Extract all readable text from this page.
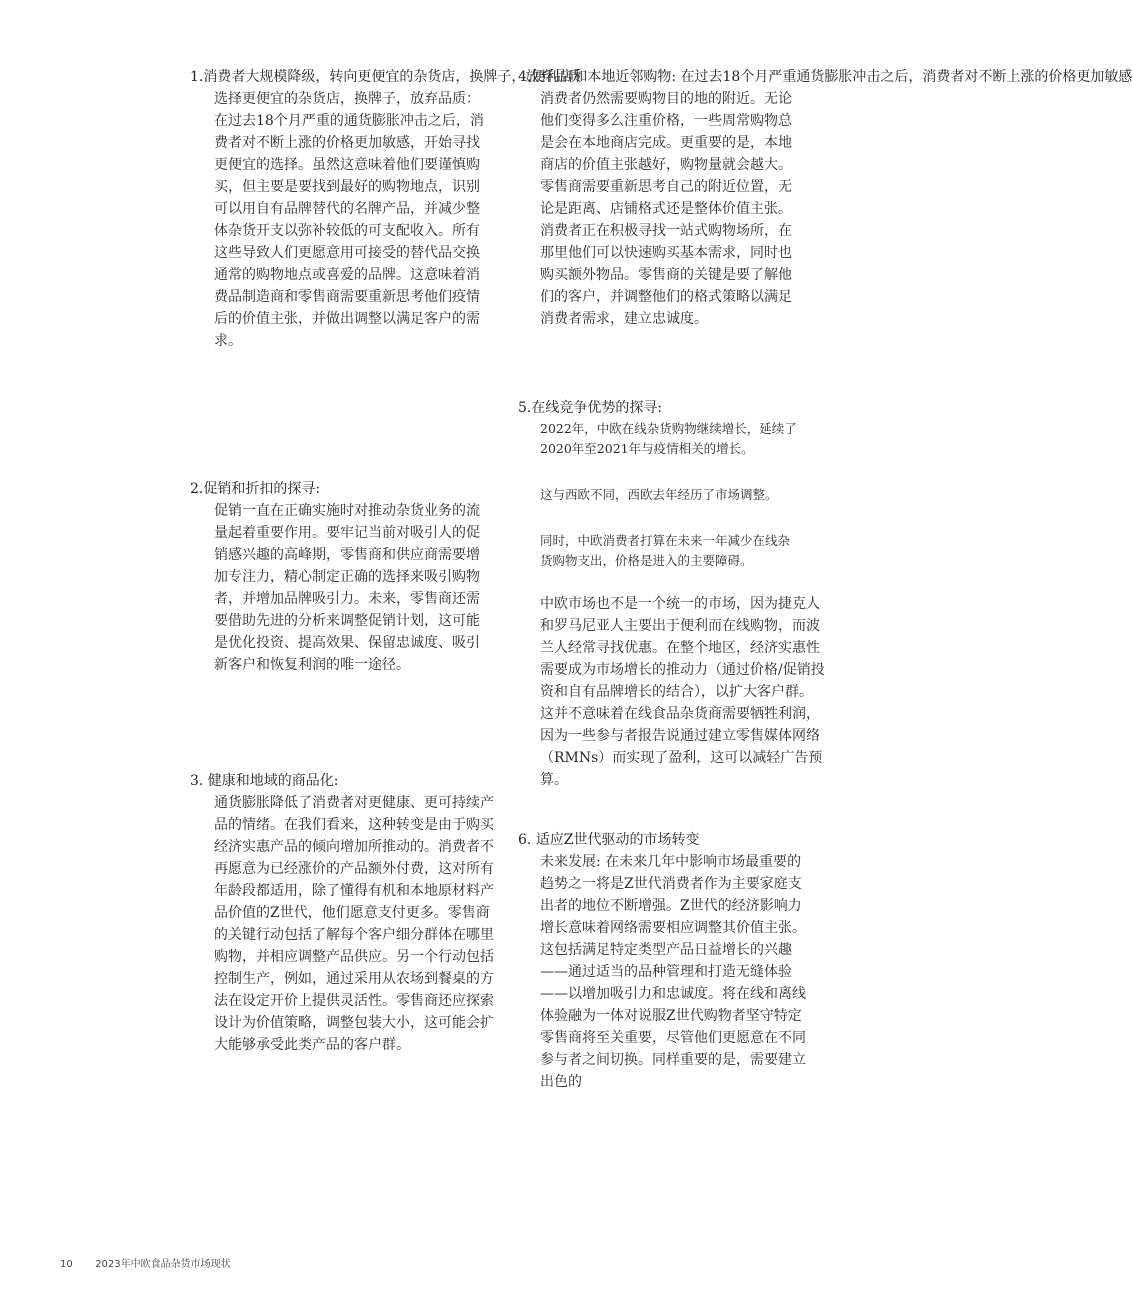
1.消费者大规模降级，转向更便宜的杂货店，换牌子，放弃品质

选择更便宜的杂货店，换牌子，放弃品质：在过去18个月严重的通货膨胀冲击之后，消费者对不断上涨的价格更加敏感，开始寻找更便宜的选择。虽然这意味着他们要谨慎购买，但主要是要找到最好的购物地点，识别可以用自有品牌替代的名牌产品，并减少整体杂货开支以弥补较低的可支配收入。所有这些导致人们更愿意用可接受的替代品交换通常的购物地点或喜爱的品牌。这意味着消费品制造商和零售商需要重新思考他们疫情后的价值主张，并做出调整以满足客户的需求。

4.便利店和本地近邻购物: 在过去18个月严重通货膨胀冲击之后，消费者对不断上涨的价格更加敏感

消费者仍然需要购物目的地的附近。无论他们变得多么注重价格，一些周常购物总是会在本地商店完成。更重要的是，本地商店的价值主张越好，购物量就会越大。零售商需要重新思考自己的附近位置，无论是距离、店铺格式还是整体价值主张。消费者正在积极寻找一站式购物场所，在那里他们可以快速购买基本需求，同时也购买额外物品。零售商的关键是要了解他们的客户，并调整他们的格式策略以满足消费者需求，建立忠诚度。

5.在线竞争优势的探寻:

2022年，中欧在线杂货购物继续增长，延续了2020年至2021年与疫情相关的增长。

这与西欧不同，西欧去年经历了市场调整。

同时，中欧消费者打算在未来一年减少在线杂货购物支出，价格是进入的主要障碍。

中欧市场也不是一个统一的市场，因为捷克人和罗马尼亚人主要出于便利而在线购物，而波兰人经常寻找优惠。在整个地区，经济实惠性需要成为市场增长的推动力（通过价格/促销投资和自有品牌增长的结合），以扩大客户群。这并不意味着在线食品杂货商需要牺牲利润，因为一些参与者报告说通过建立零售媒体网络（RMNs）而实现了盈利，这可以减轻广告预算。

2.促销和折扣的探寻:

促销一直在正确实施时对推动杂货业务的流量起着重要作用。要牢记当前对吸引人的促销感兴趣的高峰期，零售商和供应商需要增加专注力，精心制定正确的选择来吸引购物者，并增加品牌吸引力。未来，零售商还需要借助先进的分析来调整促销计划，这可能是优化投资、提高效果、保留忠诚度、吸引新客户和恢复利润的唯一途径。

3. 健康和地域的商品化:

通货膨胀降低了消费者对更健康、更可持续产品的情绪。在我们看来，这种转变是由于购买经济实惠产品的倾向增加所推动的。消费者不再愿意为已经涨价的产品额外付费，这对所有年龄段都适用，除了懂得有机和本地原材料产品价值的Z世代，他们愿意支付更多。零售商的关键行动包括了解每个客户细分群体在哪里购物，并相应调整产品供应。另一个行动包括控制生产，例如，通过采用从农场到餐桌的方法在设定开价上提供灵活性。零售商还应探索设计为价值策略，调整包装大小，这可能会扩大能够承受此类产品的客户群。

6. 适应Z世代驱动的市场转变

未来发展: 在未来几年中影响市场最重要的趋势之一将是Z世代消费者作为主要家庭支出者的地位不断增强。Z世代的经济影响力增长意味着网络需要相应调整其价值主张。这包括满足特定类型产品日益增长的兴趣——通过适当的品种管理和打造无缝体验——以增加吸引力和忠诚度。将在线和离线体验融为一体对说服Z世代购物者坚守特定零售商将至关重要，尽管他们更愿意在不同参与者之间切换。同样重要的是，需要建立出色的

10 2023年中欧食品杂货市场现状
